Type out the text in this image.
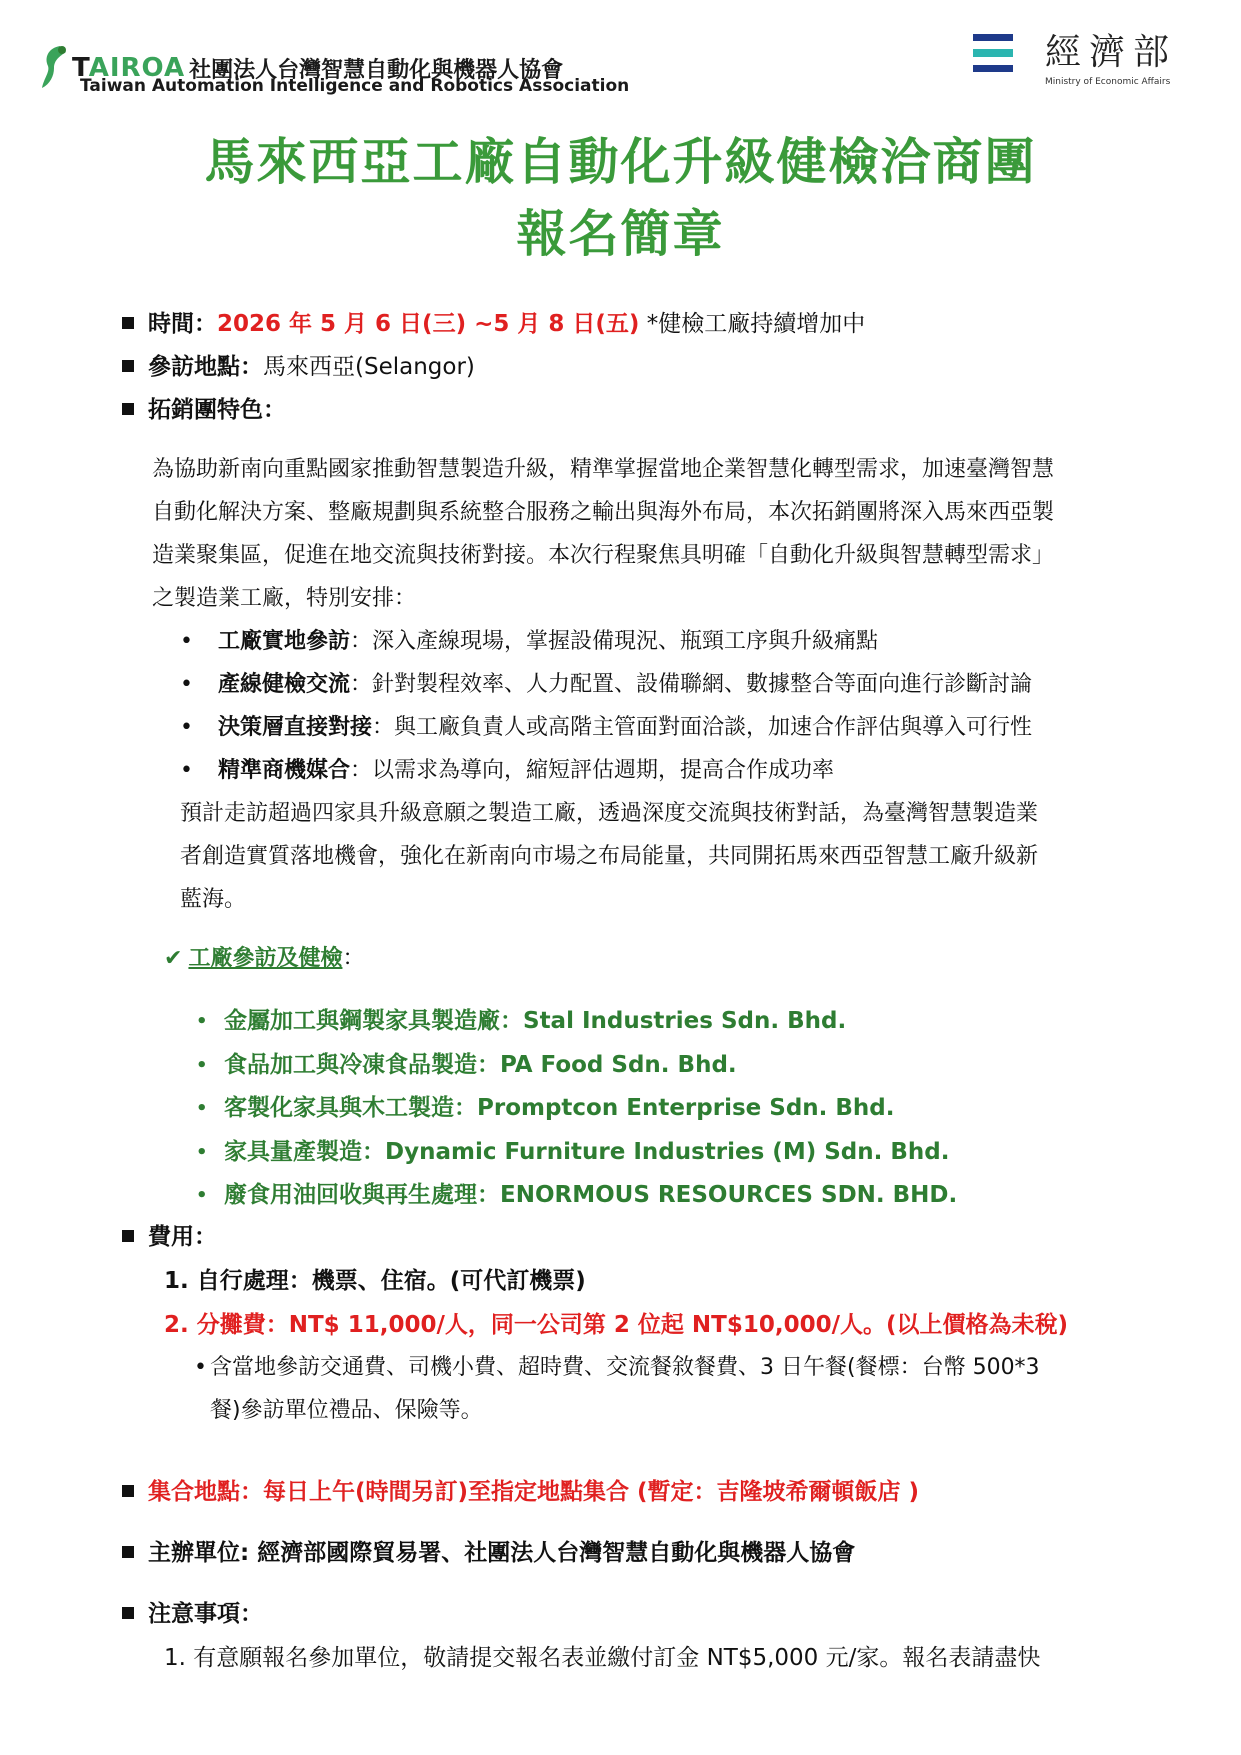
TAIROA 社團法人台灣智慧自動化與機器人協會
Taiwan Automation Intelligence and Robotics Association
經濟部
Ministry of Economic Affairs
馬來西亞工廠自動化升級健檢洽商團
報名簡章
時間：2026 年 5 月 6 日(三) ~5 月 8 日(五) *健檢工廠持續增加中
參訪地點：馬來西亞(Selangor)
拓銷團特色：
為協助新南向重點國家推動智慧製造升級，精準掌握當地企業智慧化轉型需求，加速臺灣智慧
自動化解決方案、整廠規劃與系統整合服務之輸出與海外布局，本次拓銷團將深入馬來西亞製
造業聚集區，促進在地交流與技術對接。本次行程聚焦具明確「自動化升級與智慧轉型需求」
之製造業工廠，特別安排：
• 工廠實地參訪：深入產線現場，掌握設備現況、瓶頸工序與升級痛點
• 產線健檢交流：針對製程效率、人力配置、設備聯網、數據整合等面向進行診斷討論
• 決策層直接對接：與工廠負責人或高階主管面對面洽談，加速合作評估與導入可行性
• 精準商機媒合：以需求為導向，縮短評估週期，提高合作成功率
預計走訪超過四家具升級意願之製造工廠，透過深度交流與技術對話，為臺灣智慧製造業
者創造實質落地機會，強化在新南向市場之布局能量，共同開拓馬來西亞智慧工廠升級新
藍海。
✔ 工廠參訪及健檢：
• 金屬加工與鋼製家具製造廠：Stal Industries Sdn. Bhd.
• 食品加工與冷凍食品製造：PA Food Sdn. Bhd.
• 客製化家具與木工製造：Promptcon Enterprise Sdn. Bhd.
• 家具量產製造：Dynamic Furniture Industries (M) Sdn. Bhd.
• 廢食用油回收與再生處理：ENORMOUS RESOURCES SDN. BHD.
費用：
1. 自行處理：機票、住宿。(可代訂機票)
2. 分攤費：NT$ 11,000/人，同一公司第 2 位起 NT$10,000/人。(以上價格為未稅)
• 含當地參訪交通費、司機小費、超時費、交流餐敘餐費、3 日午餐(餐標：台幣 500*3
餐)參訪單位禮品、保險等。
集合地點：每日上午(時間另訂)至指定地點集合 (暫定：吉隆坡希爾頓飯店 )
主辦單位: 經濟部國際貿易署、社團法人台灣智慧自動化與機器人協會
注意事項：
1. 有意願報名參加單位，敬請提交報名表並繳付訂金 NT$5,000 元/家。報名表請盡快
